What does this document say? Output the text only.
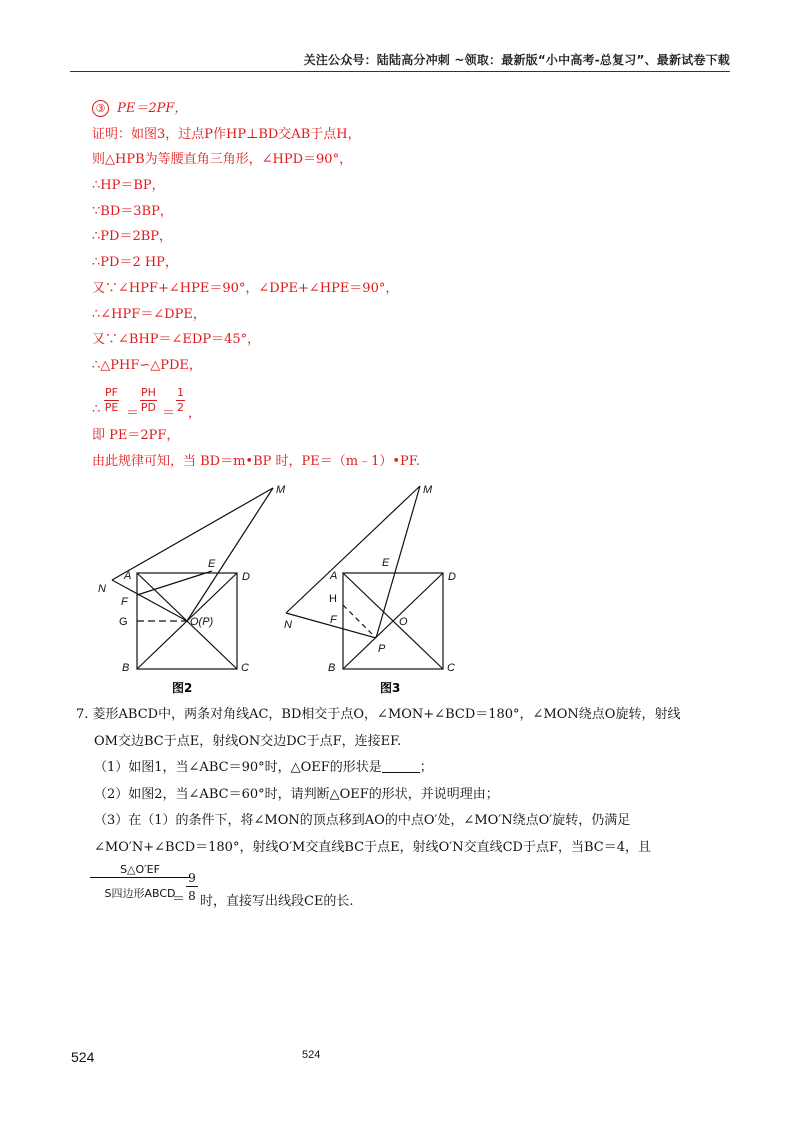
关注公众号：陆陆高分冲刺 ~领取：最新版“小中高考-总复习”、最新试卷下载
③ PE＝2PF，
证明：如图3，过点P作HP⊥BD交AB于点H，
则△HPB为等腰直角三角形，∠HPD＝90°，
∴HP＝BP，
∵BD＝3BP，
∴PD＝2BP，
∴PD＝2 HP，
又∵∠HPF+∠HPE＝90°，∠DPE+∠HPE＝90°，
∴∠HPF＝∠DPE，
又∵∠BHP＝∠EDP＝45°，
∴△PHF∽△PDE，
∴ $\frac{PF}{PE} = \frac{PH}{PD} = \frac{1}{2}$ ，
即 PE＝2PF，
由此规律可知，当 BD＝m•BP 时，PE＝（m﹣1）•PF.
M
N
A
E
D
F
G	O(P)
B	C
图2
M
A
E
D
H
N	F	O
P
B	C
图3
7. 菱形ABCD中，两条对角线AC，BD相交于点O，∠MON+∠BCD＝180°，∠MON绕点O旋转，射线
OM交边BC于点E，射线ON交边DC于点F，连接EF.
（1）如图1，当∠ABC＝90°时，△OEF的形状是	；
（2）如图2，当∠ABC＝60°时，请判断△OEF的形状，并说明理由；
（3）在（1）的条件下，将∠MON的顶点移到AO的中点O′处，∠MO′N绕点O′旋转，仍满足
∠MO′N+∠BCD＝180°，射线O′M交直线BC于点E，射线O′N交直线CD于点F，当BC＝4，且
S△O′EF
S四边形ABCD
＝
9
8 时，直接写出线段CE的长.
524	524
